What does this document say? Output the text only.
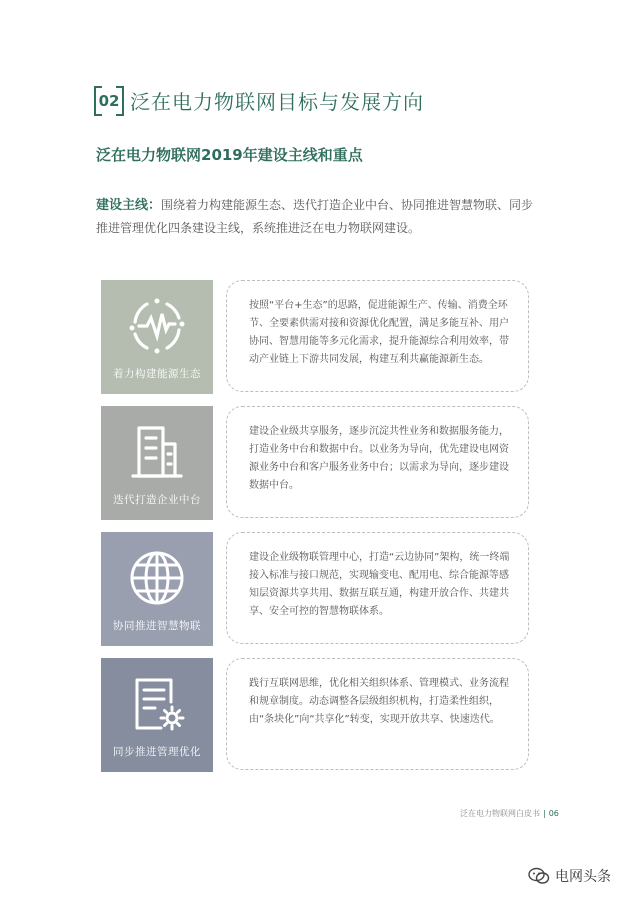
02 泛在电力物联网目标与发展方向
泛在电力物联网2019年建设主线和重点
建设主线：围绕着力构建能源生态、迭代打造企业中台、协同推进智慧物联、同步推进管理优化四条建设主线，系统推进泛在电力物联网建设。
着力构建能源生态
按照“平台+生态”的思路，促进能源生产、传输、消费全环节、全要素供需对接和资源优化配置，满足多能互补、用户协同、智慧用能等多元化需求，提升能源综合利用效率，带动产业链上下游共同发展，构建互利共赢能源新生态。
迭代打造企业中台
建设企业级共享服务，逐步沉淀共性业务和数据服务能力，打造业务中台和数据中台。以业务为导向，优先建设电网资源业务中台和客户服务业务中台；以需求为导向，逐步建设数据中台。
协同推进智慧物联
建设企业级物联管理中心，打造“云边协同”架构，统一终端接入标准与接口规范，实现输变电、配用电、综合能源等感知层资源共享共用、数据互联互通，构建开放合作、共建共享、安全可控的智慧物联体系。
同步推进管理优化
践行互联网思维，优化相关组织体系、管理模式、业务流程和规章制度。动态调整各层级组织机构，打造柔性组织，由“条块化”向“共享化”转变，实现开放共享、快速迭代。
泛在电力物联网白皮书 | 06
电网头条
